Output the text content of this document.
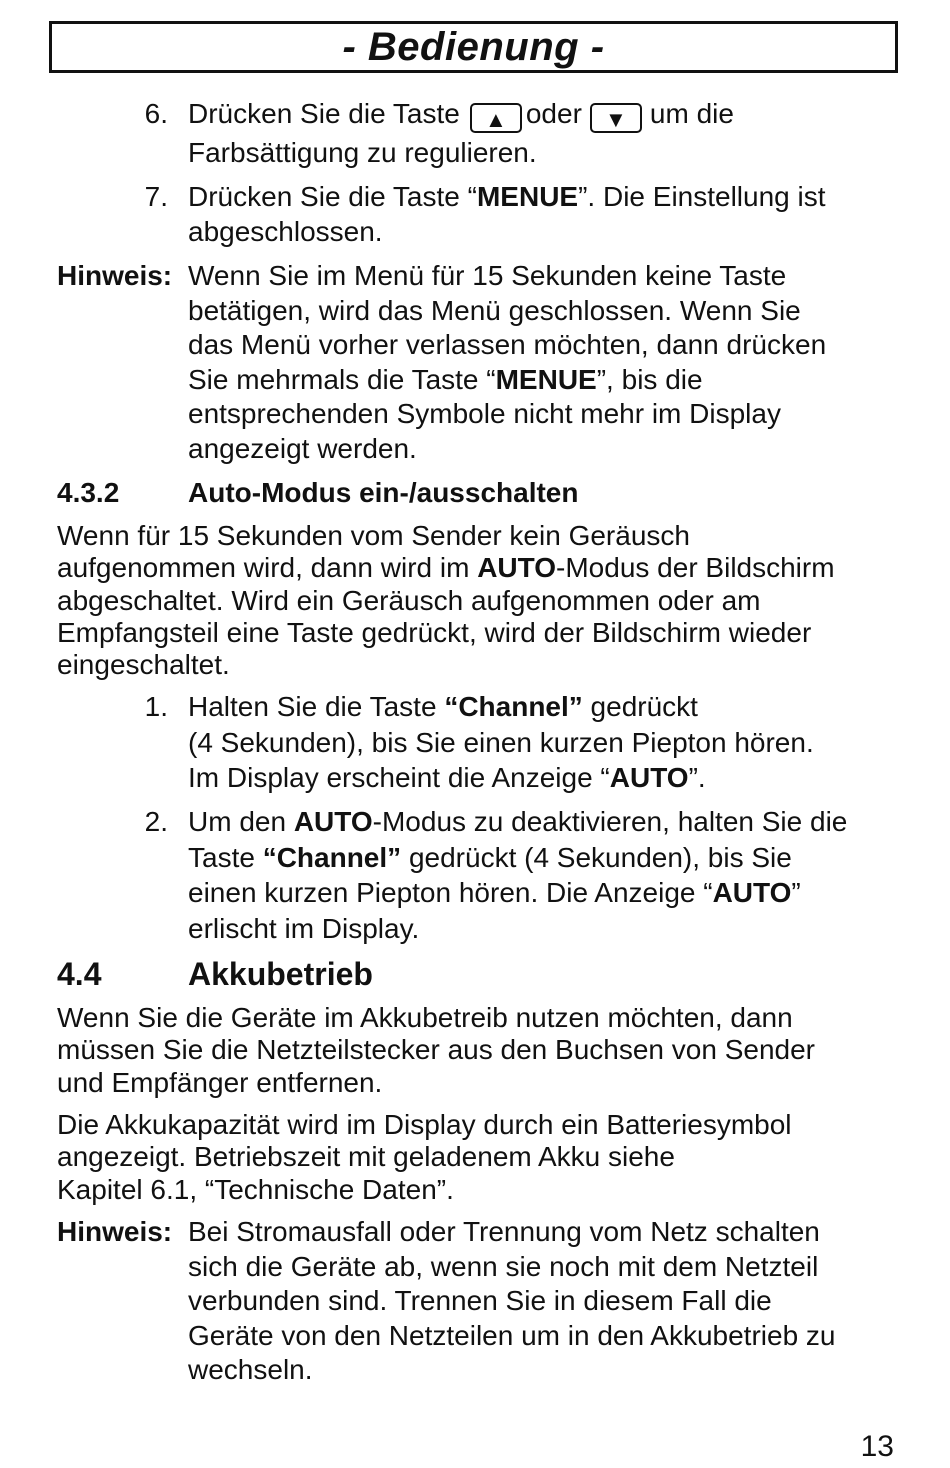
- Bedienung -
6. Drücken Sie die Taste ▲ oder ▼ um die
Farbsättigung zu regulieren.
7. Drücken Sie die Taste “MENUE”. Die Einstellung ist
abgeschlossen.
Hinweis: Wenn Sie im Menü für 15 Sekunden keine Taste
betätigen, wird das Menü geschlossen. Wenn Sie
das Menü vorher verlassen möchten, dann drücken
Sie mehrmals die Taste “MENUE”, bis die
entsprechenden Symbole nicht mehr im Display
angezeigt werden.
4.3.2 Auto-Modus ein-/ausschalten
Wenn für 15 Sekunden vom Sender kein Geräusch
aufgenommen wird, dann wird im AUTO-Modus der Bildschirm
abgeschaltet. Wird ein Geräusch aufgenommen oder am
Empfangsteil eine Taste gedrückt, wird der Bildschirm wieder
eingeschaltet.
1. Halten Sie die Taste “Channel” gedrückt
(4 Sekunden), bis Sie einen kurzen Piepton hören.
Im Display erscheint die Anzeige “AUTO”.
2. Um den AUTO-Modus zu deaktivieren, halten Sie die
Taste “Channel” gedrückt (4 Sekunden), bis Sie
einen kurzen Piepton hören. Die Anzeige “AUTO”
erlischt im Display.
4.4	Akkubetrieb
Wenn Sie die Geräte im Akkubetreib nutzen möchten, dann
müssen Sie die Netzteilstecker aus den Buchsen von Sender
und Empfänger entfernen.
Die Akkukapazität wird im Display durch ein Batteriesymbol
angezeigt. Betriebszeit mit geladenem Akku siehe
Kapitel 6.1, “Technische Daten”.
Hinweis: Bei Stromausfall oder Trennung vom Netz schalten
sich die Geräte ab, wenn sie noch mit dem Netzteil
verbunden sind. Trennen Sie in diesem Fall die
Geräte von den Netzteilen um in den Akkubetrieb zu
wechseln.
13
